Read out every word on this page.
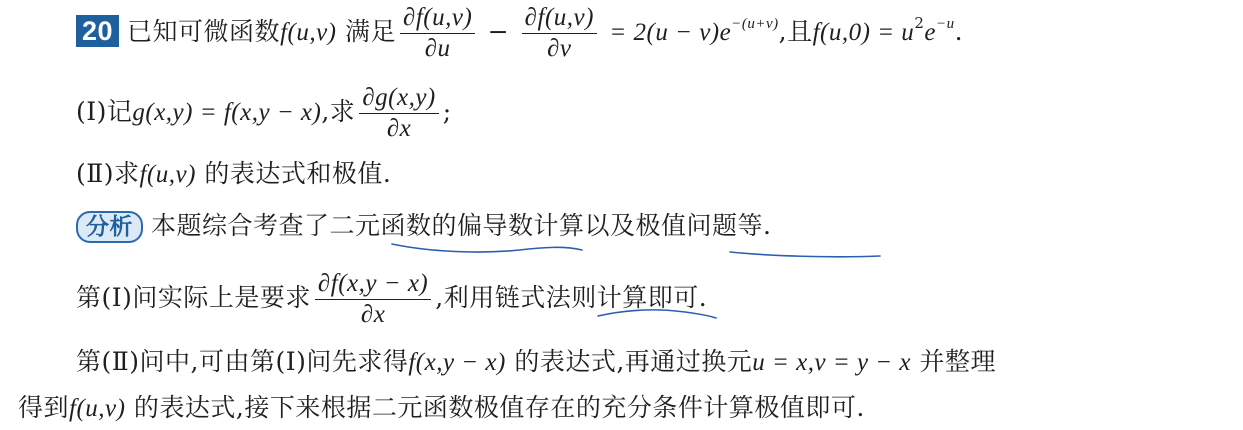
20 已知可微函数f(u,v) 满足 $\frac{\partial f(u,v)}{\partial u} - \frac{\partial f(u,v)}{\partial v} = 2(u - v)e^{-(u+v)}$,且$f(u,0) = u^2e^{-u}$.
(Ⅰ)记g(x,y) = f(x,y − x),求 $\frac{\partial g(x,y)}{\partial x}$ ;
(Ⅱ)求f(u,v) 的表达式和极值.
分析 本题综合考查了二元函数的偏导数计算以及极值问题等.
第(Ⅰ)问实际上是要求 $\frac{\partial f(x,y - x)}{\partial x}$ ,利用链式法则计算即可.
第(Ⅱ)问中,可由第(Ⅰ)问先求得f(x,y − x) 的表达式,再通过换元u = x,v = y − x 并整理
得到f(u,v) 的表达式,接下来根据二元函数极值存在的充分条件计算极值即可.
